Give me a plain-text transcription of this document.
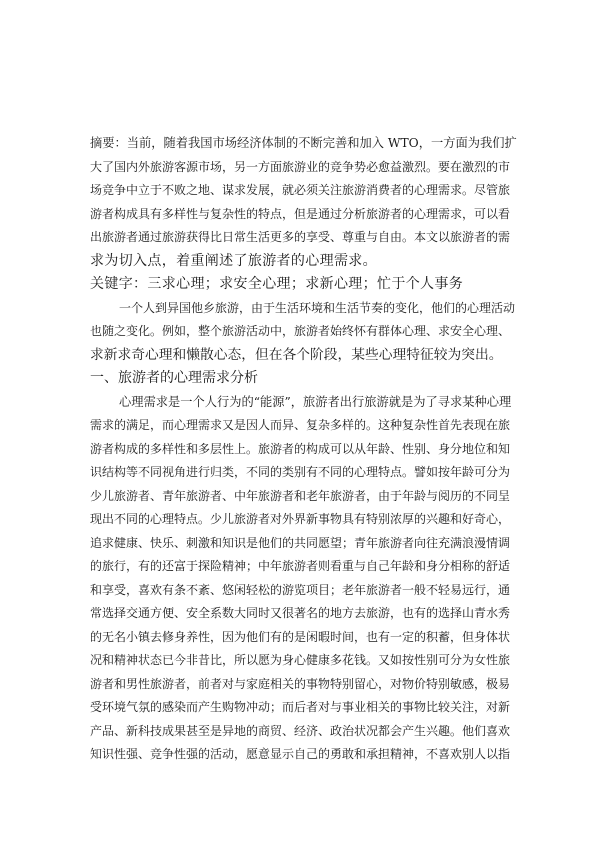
摘要：当前，随着我国市场经济体制的不断完善和加入 WTO，一方面为我们扩
大了国内外旅游客源市场，另一方面旅游业的竞争势必愈益激烈。要在激烈的市
场竞争中立于不败之地、谋求发展，就必须关注旅游消费者的心理需求。尽管旅
游者构成具有多样性与复杂性的特点，但是通过分析旅游者的心理需求，可以看
出旅游者通过旅游获得比日常生活更多的享受、尊重与自由。本文以旅游者的需
求为切入点，着重阐述了旅游者的心理需求。
关键字：三求心理；求安全心理；求新心理；忙于个人事务
一个人到异国他乡旅游，由于生活环境和生活节奏的变化，他们的心理活动
也随之变化。例如，整个旅游活动中，旅游者始终怀有群体心理、求安全心理、
求新求奇心理和懒散心态，但在各个阶段，某些心理特征较为突出。
一、旅游者的心理需求分析
心理需求是一个人行为的“能源”，旅游者出行旅游就是为了寻求某种心理
需求的满足，而心理需求又是因人而异、复杂多样的。这种复杂性首先表现在旅
游者构成的多样性和多层性上。旅游者的构成可以从年龄、性别、身分地位和知
识结构等不同视角进行归类，不同的类别有不同的心理特点。譬如按年龄可分为
少儿旅游者、青年旅游者、中年旅游者和老年旅游者，由于年龄与阅历的不同呈
现出不同的心理特点。少儿旅游者对外界新事物具有特别浓厚的兴趣和好奇心，
追求健康、快乐、刺激和知识是他们的共同愿望；青年旅游者向往充满浪漫情调
的旅行，有的还富于探险精神；中年旅游者则看重与自己年龄和身分相称的舒适
和享受，喜欢有条不紊、悠闲轻松的游览项目；老年旅游者一般不轻易远行，通
常选择交通方便、安全系数大同时又很著名的地方去旅游，也有的选择山青水秀
的无名小镇去修身养性，因为他们有的是闲暇时间，也有一定的积蓄，但身体状
况和精神状态已今非昔比，所以愿为身心健康多花钱。又如按性别可分为女性旅
游者和男性旅游者，前者对与家庭相关的事物特别留心，对物价特别敏感，极易
受环境气氛的感染而产生购物冲动；而后者对与事业相关的事物比较关注，对新
产品、新科技成果甚至是异地的商贸、经济、政治状况都会产生兴趣。他们喜欢
知识性强、竞争性强的活动，愿意显示自己的勇敢和承担精神，不喜欢别人以指
